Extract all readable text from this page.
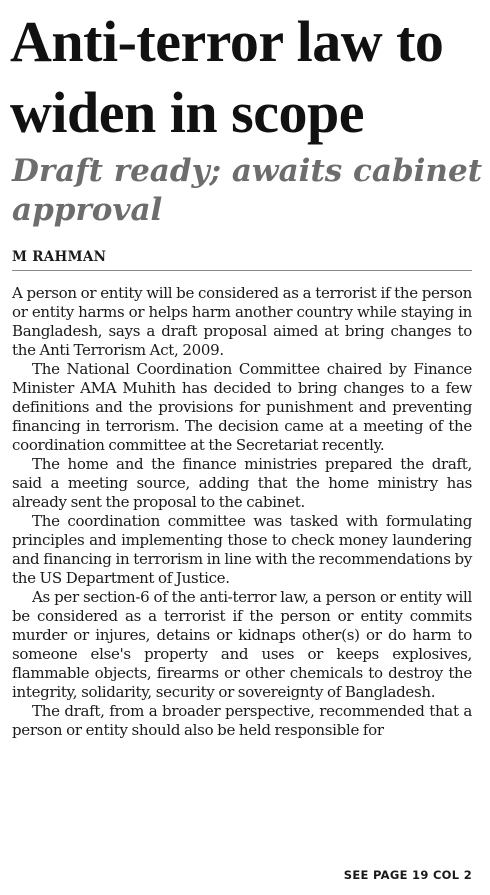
Anti-terror law to widen in scope
Draft ready; awaits cabinet approval
M RAHMAN

A person or entity will be considered as a terrorist if the person or entity harms or helps harm another country while staying in Bangladesh, says a draft proposal aimed at bring changes to the Anti Terrorism Act, 2009.

The National Coordination Committee chaired by Finance Minister AMA Muhith has decided to bring changes to a few definitions and the provisions for punishment and preventing financing in terrorism. The decision came at a meeting of the coordination committee at the Secretariat recently.

The home and the finance ministries prepared the draft, said a meeting source, adding that the home ministry has already sent the proposal to the cabinet.

The coordination committee was tasked with formulating principles and implementing those to check money laundering and financing in terrorism in line with the recommendations by the US Department of Justice.

As per section-6 of the anti-terror law, a person or entity will be considered as a terrorist if the person or entity commits murder or injures, detains or kidnaps other(s) or do harm to someone else's property and uses or keeps explosives, flammable objects, firearms or other chemicals to destroy the integrity, solidarity, security or sovereignty of Bangladesh.

The draft, from a broader perspective, recommended that a person or entity should also be held responsible for

SEE PAGE 19 COL 2
